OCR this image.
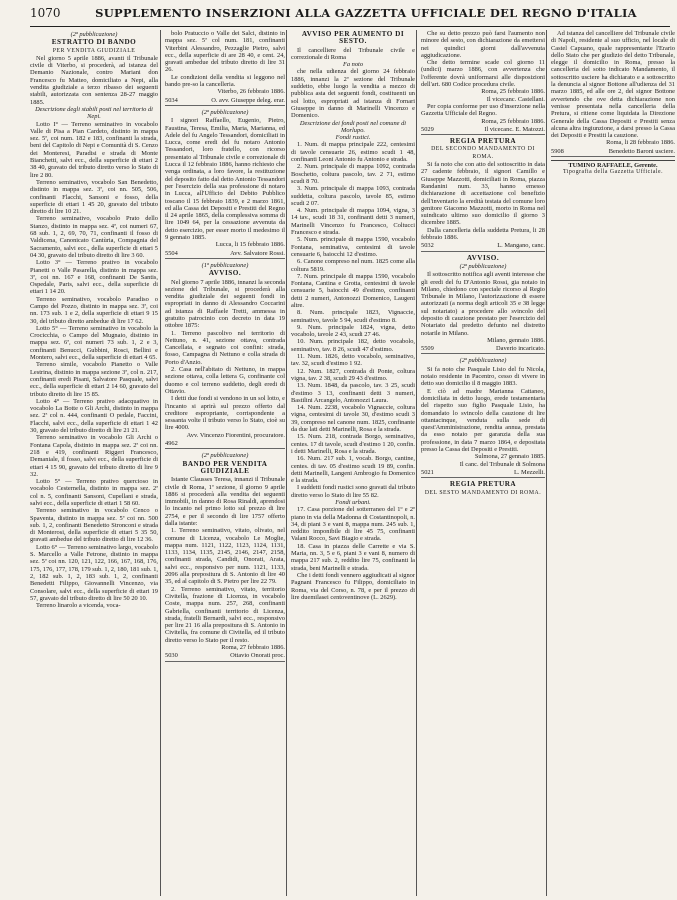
1070	SUPPLEMENTO INSERZIONI ALLA GAZZETTA UFFICIALE DEL REGNO D'ITALIA
(2ª pubblicazione)
ESTRATTO DI BANDO
PER VENDITA GIUDIZIALE

Nel giorno 5 aprile 1886, avanti il Tribunale civile di Viterbo, si procederà, ad istanza del Demanio Nazionale, contro Mariani don Francesco fu Matteo, domiciliato a Nepi, alla vendita giudiziale a terzo ribasso dei seguenti stabili, autorizzata con sentenza 28-27 maggio 1885.

Descrizione degli stabili posti nel territorio di Nepi.

Lotto I° — Terreno seminativo in vocabolo Valle di Pisa a Pian Cardeto, distinto in mappa sez. 5ª, coi num. 182 e 183, confinanti la strada, beni del Capitolo di Nepi e Comunità di S. Cenzo dei Monteresi, Paradisi e strada di Monte Bianchetti, salvi ecc., della superficie di ettari 2 38 40, gravato del tributo diretto verso lo Stato di lire 2 80.

Terreno seminativo, vocabolo San Benedetto, distinto in mappa sez. 3ª, coi nn. 505, 506, confinanti Flacchi, Sansoni e fosso, della superficie di ettari 1 45 20, gravato del tributo diretto di lire 10 21.

Terreno seminativo, vocabolo Prato dello Stanzo, distinto in mappa sez. 4ª, coi numeri 67, 68 sub. 1, 2, 69, 70, 71, confinanti il fosso di Valdicena, Canonicato Cantùria, Compagnia del Sacramento, salvi ecc., della superficie di ettari 5 04 30, gravato del tributo diretto di lire 3 60.

Lotto 3° — Terreno prativo in vocabolo Pianetti o Valle Pasarella, distinto in mappa sez. 3ª, coi nn. 167 e 168, confinanti De Santis, Ospedale, Paris, salvi ecc., della superficie di ettari 1 14 20.

Terreno seminativo, vocabolo Paradiso o Campo del Pozzo, distinto in mappa sez. 3ª, coi nn. 173 sub. 1 e 2, della superficie di ettari 9 15 30, del tributo diretto ambedue di lire 17 62.

Lotto 5° — Terreno seminativo in vocabolo la Crocicchia, o Campo del Mugnaio, distinto in mappa sez. 6ª, coi numeri 73 sub. 1, 2 e 3, confinanti Benucci, Gubbini, Rosci, Bellini e Montero, salvi ecc., della superficie di ettari 4 65.

Terreno simile, vocabolo Pianetto o Valle Lestrina, distinto in mappa sezione 3ª, col n. 217, confinanti eredi Pisani, Salvatore Pasquale, salvi ecc., della superficie di ettari 2 14 60, gravato del tributo diretto di lire 15 85.

Lotto 4° — Terreno prativo adacquativo in vocabolo La Botte o Gli Archi, distinto in mappa sez. 2ª col n. 444, confinanti O pedale, Faccini, Flacchi, salvi ecc., della superficie di ettari 1 42 30, gravato del tributo diretto di lire 21 21.

Terreno seminativo in vocabolo Gli Archi o Fontana Capola, distinto in mappa sez. 2ª coi nn. 218 e 419, confinanti Riggeri Francesco, Demaniale, il fosso, salvi ecc., della superficie di ettari 4 15 90, gravato del tributo diretto di lire 9 32.

Lotto 5° — Terreno prativo quercioso in vocabolo Cesternella, distinto in mappa sez. 2ª col n. 5, confinanti Sansoni, Cupellani e strada, salvi ecc., della superficie di ettari 1 58 60.

Terreno seminativo in vocabolo Cenco o Spaventa, distinto in mappa sez. 5ª coi nn. 500 sub. 1, 2, confinanti Benedetto Stronconi e strada di Monterosi, della superficie di ettari 5 35 50, gravati ambedue del tributo diretto di lire 12 36.

Lotto 6° — Terreno seminativo largo, vocabolo S. Marcello a Valle Fetrone, distinto in mappa sez. 5ª coi nn. 120, 121, 122, 166, 167, 168, 176, 175, 176, 177, 178, 179 sub. 1, 2, 180, 181 sub. 1, 2, 182 sub. 1, 2, 183 sub. 1, 2, confinanti Benedetti Filippo, Giovannelli Vincenzo, via Consolare, salvi ecc., della superficie di ettari 19 57, gravato del tributo diretto di lire 50 20 10.

Terreno linarolo a vicenda, voca-

bolo Pratuccio o Valle dei Salci, distinto in mappa sez. 5ª col num. 181, confinanti Viterbini Alessandro, Pezzaglie Pietro, salvi ecc., della superficie di are 28 40, e cent. 24, gravati ambedue del tributo diretto di lire 31 26.

Le condizioni della vendita si leggono nel bando pre-so la cancelleria.

Viterbo, 26 febbraio 1886.
5034	O. avv. Giuseppe deleg. erar.
(2ª pubblicazione)

I signori Raffaello, Eugenio, Pietro, Faustina, Teresa, Emilia, Maria, Marianna, ed Adele del fu Angelo Tessandori, domiciliati in Lucca, come eredi del fu notaro Antonio Tessandori, loro fratello, con ricorso presentato al Tribunale civile e correzionale di Lucca il 12 febbraio 1886, hanno richiesto che venga ordinata, a loro favore, la restituzione del deposito fatto dal detto Antonio Tessandori per l'esercizio della sua professione di notaro in Lucca, all'Ufficio del Debito Pubblico toscano il 15 febbraio 1839, e 2 marzo 1861, ed alla Cassa dei Depositi e Prestiti del Regno il 24 aprile 1865, della complessiva somma di lire 1049 64, per la cessazione avvenuta da detto esercizio, per esser morto il medesimo il 9 gennaio 1885.

Lucca, li 15 febbraio 1886.
5504	Avv. Salvatore Rossi.
(1ª pubblicazione)
AVVISO.

Nel giorno 7 aprile 1886, innanzi la seconda sezione del Tribunale, si procederà alla vendita giudiziale dei seguenti fondi in espropriati in danno di Alessandro Coccarini ad istanza di Raffaele Tretti, ammessa in gratuito patrocinio con decreto in data 19 ottobre 1875:

1. Terreno pascolivo nel territorio di Nettuno, n. 41, sezione ottava, contrada Cancellata, e segnato coi confini: strada, fosso, Campagna di Nettuno e colla strada di Porto d'Anzio.

2. Casa nell'abitato di Nettuno, in mappa sezione ottava, colla lettera G, confinante col duomo e col terreno suddetto, degli eredi di Ottavio.

I detti due fondi si vendono in un sol lotto, e l'incanto si aprirà sul prezzo offerto dal creditore espropriante, corrispondente a sessanta volte il tributo verso lo Stato, cioè su lire 4000.

Avv. Vincenzo Fiorentini, procuratore.
4962
(2ª pubblicazione)
BANDO PER VENDITA GIUDIZIALE

Istante Clausses Teresa, innanzi il Tribunale civile di Roma, 1ª sezione, il giorno 9 aprile 1886 si procederà alla vendita dei seguenti immobili, in danno di Rosa Rinaldi, aprendosi lo incanto nel primo lotto sul prezzo di lire 2754, e per il secondo di lire 1757 offerto dalla istante:

1. Terreno seminativo, vitato, olivato, nel comune di Licenza, vocabolo Le Moglie, mappa num. 1121, 1122, 1123, 1124, 1131, 1133, 1134, 1135, 2145, 2146, 2147, 2158, confinanti strada, Candidi, Onorati, Arata, salvi ecc., responsivo per num. 1121, 1133, 2096 alla prepositura di S. Antonio di lire 40 35, ed al capitolo di S. Pietro per lire 22 79.

2. Terreno seminativo, vitato, territorio Civitella, frazione di Licenza, in vocabolo Coste, mappa num. 257, 268, confinanti Gabriella, confinanti territorio di Licenza, strada, fratelli Bernardi, salvi ecc., responsivo per lire 21 16 alla prepositura di S. Antonio in Civitella, fra comune di Civitella, ed il tributo diretto verso lo Stato per il resto.

Roma, 27 febbraio 1886.
5030	Ottavio Onorati proc.
AVVISO PER AUMENTO DI SESTO.

Il cancelliere del Tribunale civile e correzionale di Roma

Fa noto

che nella udienza del giorno 24 febbraio 1886, innanzi la 2ª sezione del Tribunale suddetto, ebbe luogo la vendita a mezzo di pubblica asta dei seguenti fondi, costituenti un sol lotto, espropriati ad istanza di Fornari Giuseppe in danno di Marinelli Vincenzo e Domenico.

Descrizione dei fondi posti nel comune di Morlupo.
Fondi rustici.

1. Num. di mappa principale 222, centesimi di tavole censuarie 26, estimo scudi 1 48, confinanti Leoni Antonio fu Antonio e strada.

2. Num. principale di mappa 1092, contrada Boschetto, coltura pascolo, tav. 2 71, estimo scudi 8 70.

3. Num. principale di mappa 1093, contrada suddetta, coltura pascolo, tavole 85, estimo scudi 2 07.

4. Num. principale di mappa 1094, vigna, 3 14 tav., scudi 18 31, confinanti detti 3 numeri, Marinelli Vincenzo fu Francesco, Coltucci Francesco e strada.

5. Num. principale di mappa 1590, vocabolo Fontana, seminativa, centesimi di tavole censuarie 6, baiocchi 12 d'estimo.

6. Canone compreso nel num. 1825 come alla coltura 5819.

7. Num. principale di mappa 1590, vocabolo Fontana, Cantina e Grotta, centesimi di tavole censuarie 5, baiocchi 49 d'estimo, confinanti detti 2 numeri, Antonozzi Domenico, Laugeni altre.

8. Num. principale 1823, Vignaccie, seminativo, tavole 5 94, scudi d'estimo 8.

9. Num. principale 1824, vigna, detto vocabolo, tavole 2 43, scudi 27 46.

10. Num. principale 182, detto vocabolo, seminativo, tav. 8 26, scudi 47 d'estimo.

11. Num. 1826, detto vocabolo, seminativo, tav. 32, scudi d'estimo 1 92.

12. Num. 1827, contrada di Ponte, coltura vigna, tav. 2 38, scudi 29 43 d'estimo.

13. Num. 1848, da pascolo, tav. 3 25, scudi d'estimo 3 13, confinanti detti 3 numeri, Bastilini Arcangelo, Antonozzi Laura.

14. Num. 2238, vocabolo Vignaccie, coltura vigna, centesimi di tavole 30, d'estimo scudi 3 39, compreso nel canone num. 1825, confinante da due lati detti Marinelli, Rosa e la strada.

15. Num. 218, contrada Borgo, seminativo, centes. 17 di tavole, scudi d'estimo 1 20, confin. i detti Marinelli, Rosa e la strada.

16. Num. 217 sub. 1, vocab. Borgo, cantine, centes. di tav. 05 d'estimo scudi 19 89, confin. detti Marinelli, Langeni Ambrogio fu Domenico e la strada.

I suddetti fondi rustici sono gravati dal tributo diretto verso lo Stato di lire 55 82.

Fondi urbani.

17. Casa porzione del sotterraneo del 1º e 2º piano in via della Madonna di Costantinopoli, n. 34, di piani 3 e vani 8, mappa num. 245 sub. 1, reddito imponibile di lire 45 75, confinanti Valani Rocco, Savi Biagio e strada.

18. Casa in piazza delle Carrette e via S. Maria, nn. 3, 5 e 6, piani 3 e vani 8, numero di mappa 217 sub. 2, reddito lire 75, confinanti la strada, beni Marinelli e strada.

Che i detti fondi vennero aggiudicati al signor Pagnani Francesco fu Filippo, domiciliato in Roma, via del Corso, n. 78, e per il prezzo di lire duemilasei centoventinove (L. 2629).

Che su detto prezzo può farsi l'aumento non minore del sesto, con dichiarazione da emettersi nei quindici giorni dall'avvenuta aggiudicazione.

Che detto termine scade col giorno 11 (undici) marzo 1886, con avvertenza che l'offerente dovrà uniformarsi alle disposizioni dell'art. 680 Codice procedura civile.

Roma, 25 febbraio 1886.
Il vicecanc. Castellani.

Per copia conforme per uso d'inserzione nella Gazzetta Ufficiale del Regno.

Roma, 25 febbraio 1886.
5029	Il vicecanc. E. Matozzi.
REGIA PRETURA
DEL SECONDO MANDAMENTO DI ROMA.

Si fa noto che con atto del sottoscritto in data 27 cadente febbraio, il signori Camillo e Giuseppe Mazzotti, domiciliati in Roma, piazza Randanini num. 33, hanno emesso dichiarazione di accettazione col benefizio dell'inventario la eredità testata del comune loro genitore Giacomo Mazzotti, morto in Roma nel suindicato ultimo suo domicilio il giorno 3 dicembre 1885.

Dalla cancelleria della suddetta Pretura, li 28 febbraio 1886.

5032	L. Mangano, canc.
AVVISO.
(2ª pubblicazione)

Il sottoscritto notifica agli aventi interesse che gli eredi del fu D'Antonio Rossi, gia notaio in Milano, chiedono con speciale ricorso al Regio Tribunale in Milano, l'autorizzazione di essere autorizzati (a norma degli articoli 35 e 38 legge sul notariato) a procedere allo svincolo del deposito di cauzione prestato per l'esercizio del Notariato dal predetto defunto nel distretto notarile in Milano.

Milano, gennaio 1886.
5509	Daverio incaricato.
(2ª pubblicazione)

Si fa noto che Pasquale Lisio del fu Nicola, notaio residente in Pacentro, cesso di vivere in detto suo domicilio il 8 maggio 1883.

E ciò ad madre Marianna Cattaneo, domiciliata in detto luogo, erede testamentaria del rispetto suo figlio Pasquale Lisio, ha domandato lo svincolo della cauzione di lire ottantacinque, venduta sulla sede di quest'Amministrazione, rendita annua, prestata da esso notaio per garanzia della sua professione, in data 7 marzo 1864, e depositata presso la Cassa dei Depositi e Prestiti.

Sulmona, 27 gennaio 1885.
Il canc. del Tribunale di Solmona
5021	L. Mezzelli.
REGIA PRETURA
DEL SESTO MANDAMENTO DI ROMA.

Ad istanza del cancelliere del Tribunale civile di Napoli, residente al suo ufficio, nel locale di Castel Capuano, quale rappresentante l'Erario dello Stato che per giudizio del detto Tribunale, elegge il domicilio in Roma, presso la cancelleria del sotto indicato Mandamento, il sottoscritto usciere ha dichiarato e a sottoscritto la denuncia al signor Bottone all'udienza del 31 marzo 1885, ed alle ore 2, del signor Bottone avvertendo che ove detta dichiarazione non venisse presentata nella cancelleria della Pretura, si ritiene come liquidata la Direzione Generale della Cassa Depositi e Prestiti senza alcuna altra ingiunzione, a darsi presso la Cassa dei Depositi e Prestiti la cauzione.

Roma, li 28 febbraio 1886.
5908	Benedetto Baroni usciere.
TUMINO RAFFAELE, Gerente.
Tipografia della Gazzetta Ufficiale.
